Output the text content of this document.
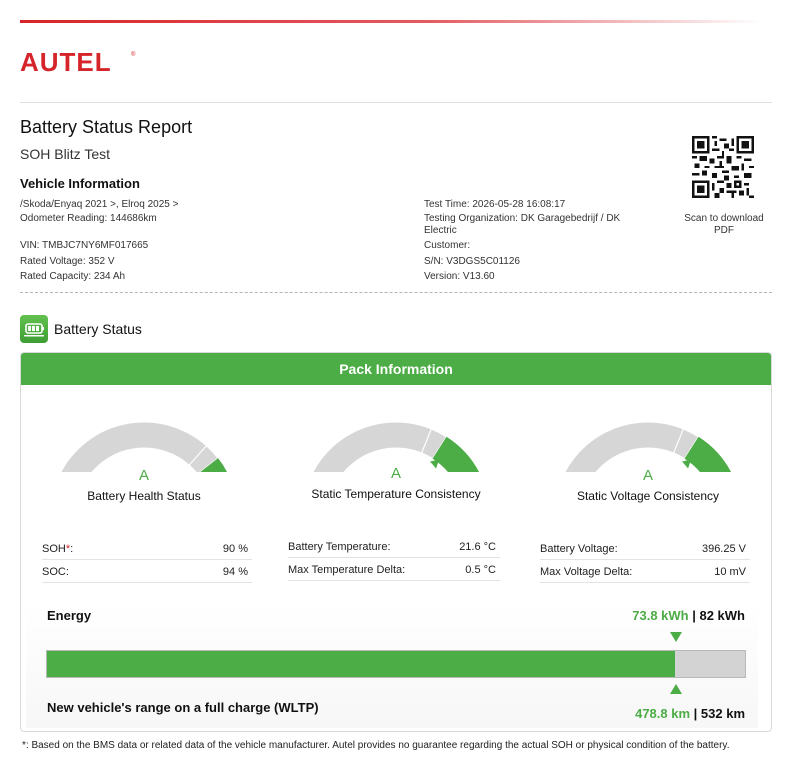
AUTEL	®
Battery Status Report
SOH Blitz Test
Vehicle Information
/Skoda/Enyaq 2021 >, Elroq 2025 >
Odometer Reading: 144686km
VIN: TMBJC7NY6MF017665
Rated Voltage: 352 V
Rated Capacity: 234 Ah
Test Time: 2026-05-28 16:08:17
Testing Organization: DK Garagebedrijf / DK
Electric
Customer:
S/N: V3DGS5C01126
Version: V13.60
Scan to download PDF
Battery Status
Pack Information
A	A	A
Battery Health Status	Static Temperature Consistency	Static Voltage Consistency
SOH*:	90 %
SOC:	94 %
Battery Temperature:	21.6 °C
Max Temperature Delta:	0.5 °C
Battery Voltage:	396.25 V
Max Voltage Delta:	10 mV
Energy	73.8 kWh | 82 kWh
New vehicle's range on a full charge (WLTP)	478.8 km | 532 km
*: Based on the BMS data or related data of the vehicle manufacturer. Autel provides no guarantee regarding the actual SOH or physical condition of the battery.
